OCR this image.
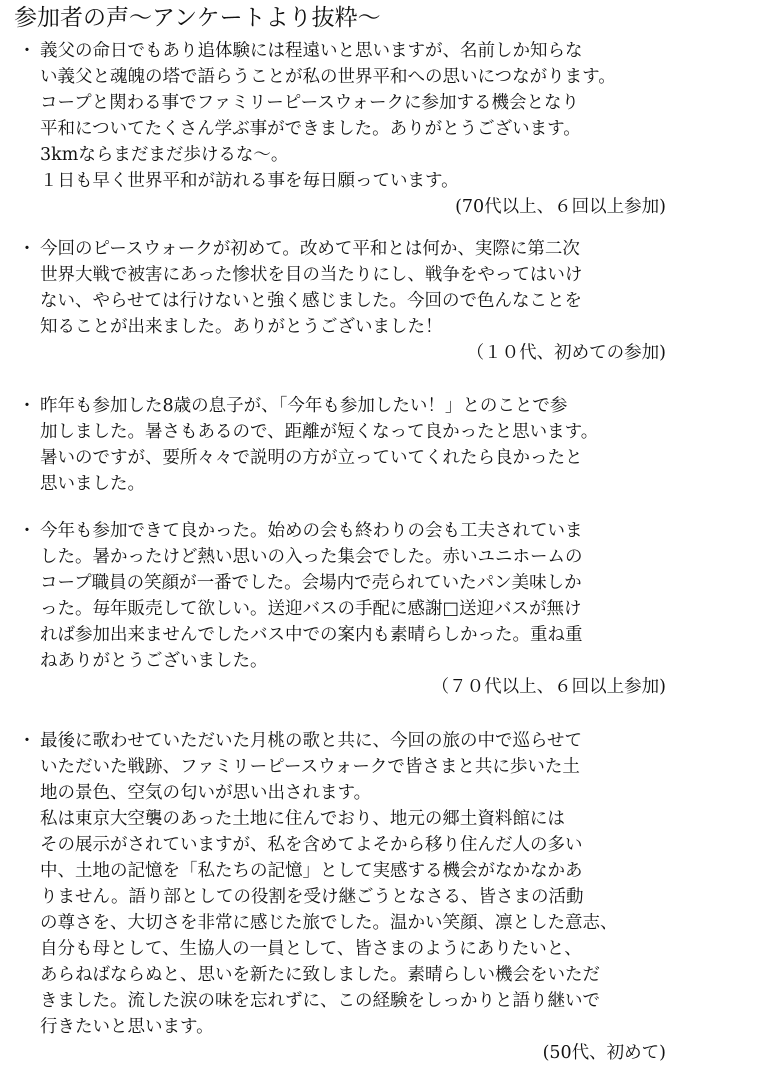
参加者の声～アンケートより抜粋～
・ 義父の命日でもあり追体験には程遠いと思いますが、名前しか知らな
い義父と魂魄の塔で語らうことが私の世界平和への思いにつながります。
コープと関わる事でファミリーピースウォークに参加する機会となり
平和についてたくさん学ぶ事ができました。ありがとうございます。
3kmならまだまだ歩けるな～。
１日も早く世界平和が訪れる事を毎日願っています。
(70代以上、６回以上参加)
・ 今回のピースウォークが初めて。改めて平和とは何か、実際に第二次
世界大戦で被害にあった惨状を目の当たりにし、戦争をやってはいけ
ない、やらせては行けないと強く感じました。今回ので色んなことを
知ることが出来ました。ありがとうございました！
（１０代、初めての参加)
・ 昨年も参加した8歳の息子が、「今年も参加したい！」とのことで参
加しました。暑さもあるので、距離が短くなって良かったと思います。
暑いのですが、要所々々で説明の方が立っていてくれたら良かったと
思いました。
・ 今年も参加できて良かった。始めの会も終わりの会も工夫されていま
した。暑かったけど熱い思いの入った集会でした。赤いユニホームの
コープ職員の笑顔が一番でした。会場内で売られていたパン美味しか
った。毎年販売して欲しい。送迎バスの手配に感謝□送迎バスが無け
れば参加出来ませんでしたバス中での案内も素晴らしかった。重ね重
ねありがとうございました。
（７０代以上、６回以上参加)
・ 最後に歌わせていただいた月桃の歌と共に、今回の旅の中で巡らせて
いただいた戦跡、ファミリーピースウォークで皆さまと共に歩いた土
地の景色、空気の匂いが思い出されます。
私は東京大空襲のあった土地に住んでおり、地元の郷土資料館には
その展示がされていますが、私を含めてよそから移り住んだ人の多い
中、土地の記憶を「私たちの記憶」として実感する機会がなかなかあ
りません。語り部としての役割を受け継ごうとなさる、皆さまの活動
の尊さを、大切さを非常に感じた旅でした。温かい笑顔、凛とした意志、
自分も母として、生協人の一員として、皆さまのようにありたいと、
あらねばならぬと、思いを新たに致しました。素晴らしい機会をいただ
きました。流した涙の味を忘れずに、この経験をしっかりと語り継いで
行きたいと思います。
(50代、初めて)
